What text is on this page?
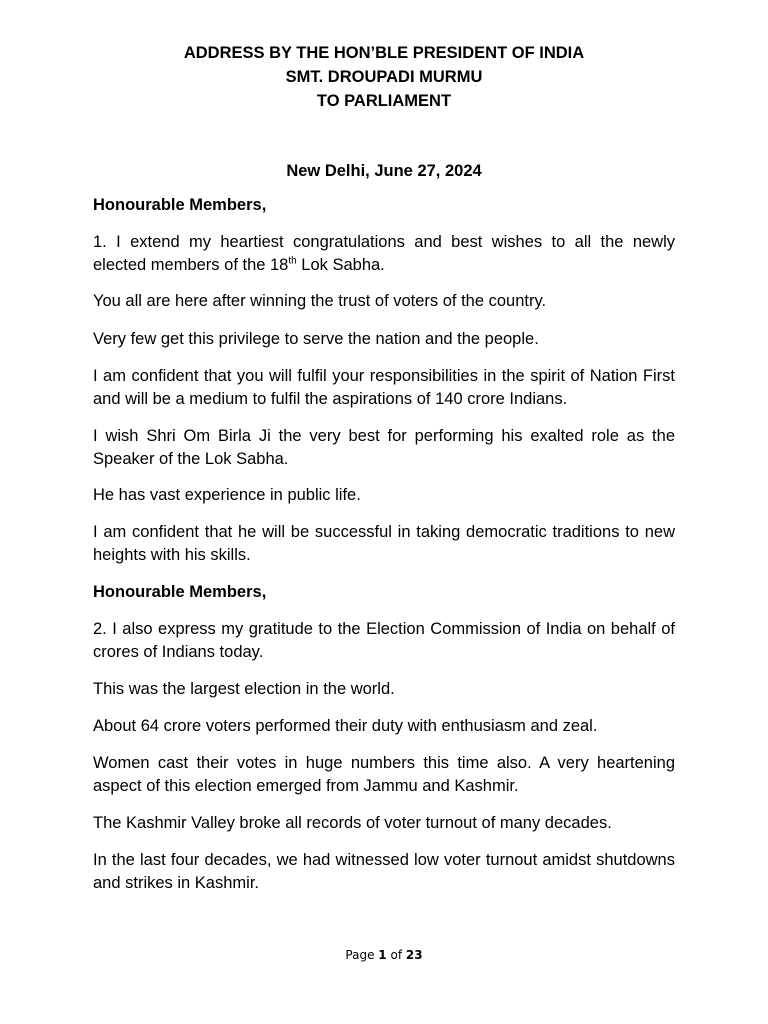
ADDRESS BY THE HON’BLE PRESIDENT OF INDIA
SMT. DROUPADI MURMU
TO PARLIAMENT
New Delhi, June 27, 2024

Honourable Members,

1. I extend my heartiest congratulations and best wishes to all the newly elected members of the 18th Lok Sabha.

You all are here after winning the trust of voters of the country.

Very few get this privilege to serve the nation and the people.

I am confident that you will fulfil your responsibilities in the spirit of Nation First and will be a medium to fulfil the aspirations of 140 crore Indians.

I wish Shri Om Birla Ji the very best for performing his exalted role as the Speaker of the Lok Sabha.

He has vast experience in public life.

I am confident that he will be successful in taking democratic traditions to new heights with his skills.

Honourable Members,

2. I also express my gratitude to the Election Commission of India on behalf of crores of Indians today.

This was the largest election in the world.

About 64 crore voters performed their duty with enthusiasm and zeal.

Women cast their votes in huge numbers this time also. A very heartening aspect of this election emerged from Jammu and Kashmir.

The Kashmir Valley broke all records of voter turnout of many decades.

In the last four decades, we had witnessed low voter turnout amidst shutdowns and strikes in Kashmir.

Page 1 of 23
